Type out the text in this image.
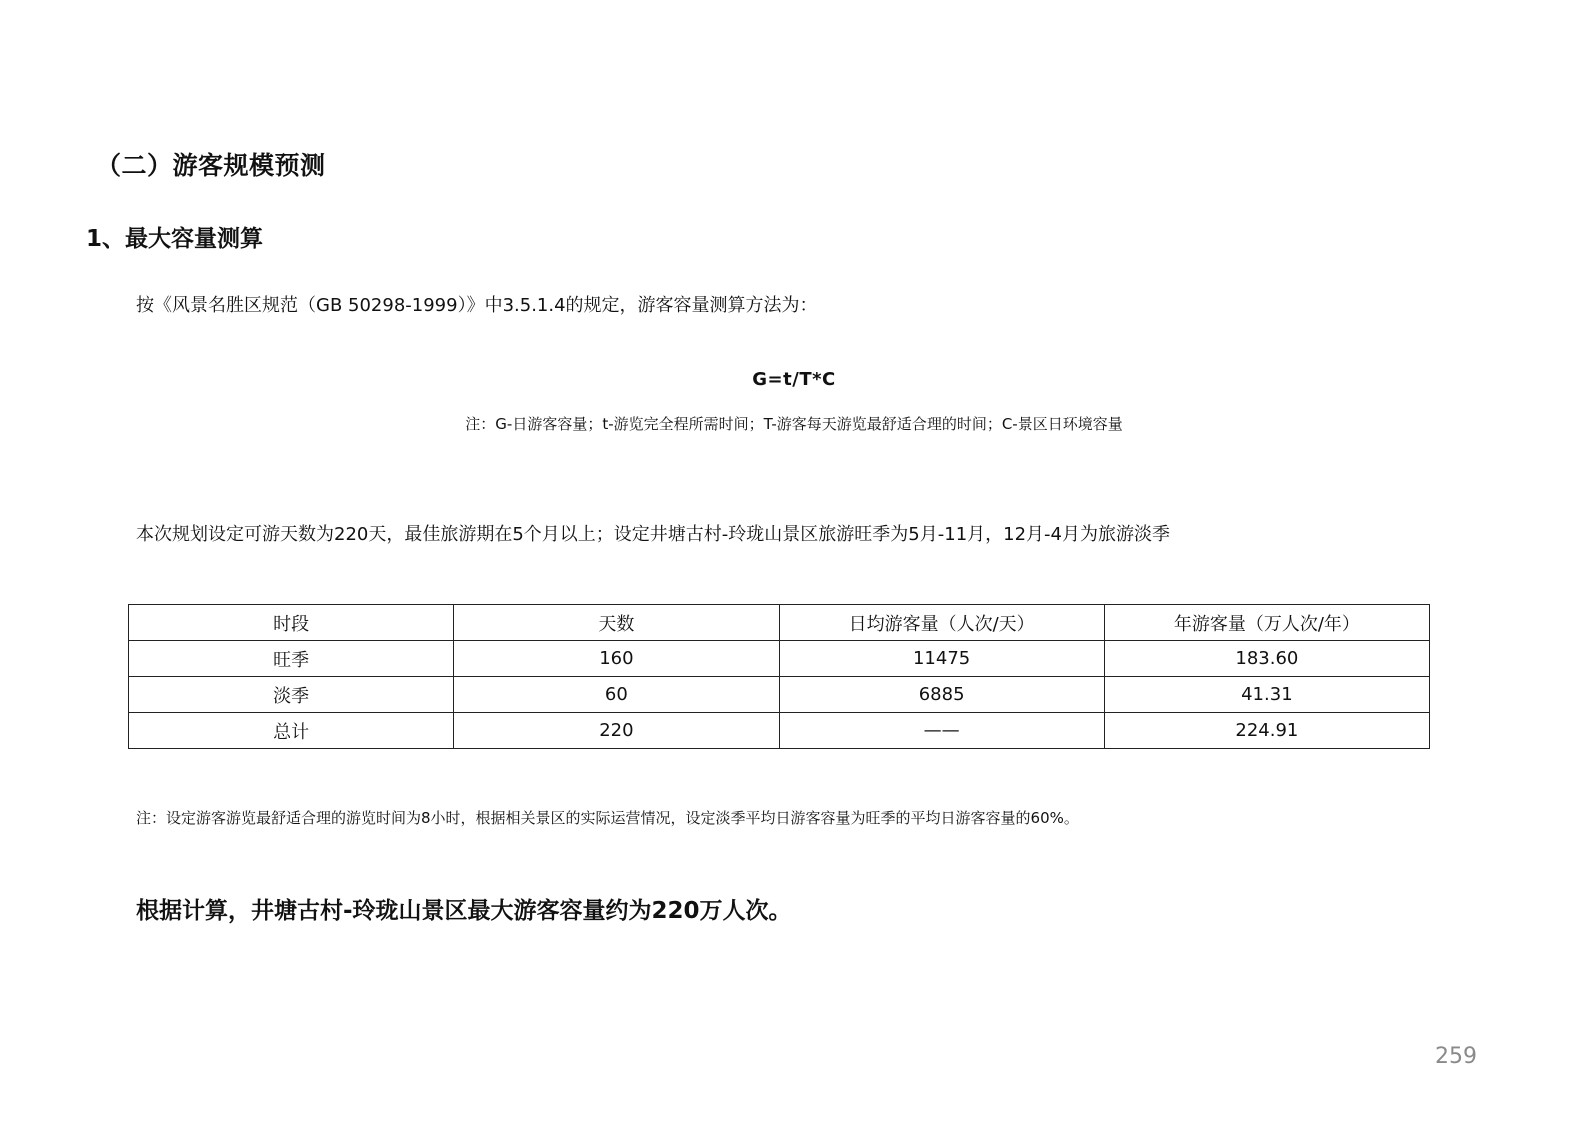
（二）游客规模预测
1、最大容量测算

按《风景名胜区规范（GB 50298-1999）》中3.5.1.4的规定，游客容量测算方法为：

G=t/T*C
注：G-日游客容量；t-游览完全程所需时间；T-游客每天游览最舒适合理的时间；C-景区日环境容量

本次规划设定可游天数为220天，最佳旅游期在5个月以上；设定井塘古村-玲珑山景区旅游旺季为5月-11月，12月-4月为旅游淡季

时段	天数	日均游客量（人次/天）	年游客量（万人次/年）
旺季	160	11475	183.60
淡季	60	6885	41.31
总计	220	——	224.91

注：设定游客游览最舒适合理的游览时间为8小时，根据相关景区的实际运营情况，设定淡季平均日游客容量为旺季的平均日游客容量的60%。

根据计算，井塘古村-玲珑山景区最大游客容量约为220万人次。

259
